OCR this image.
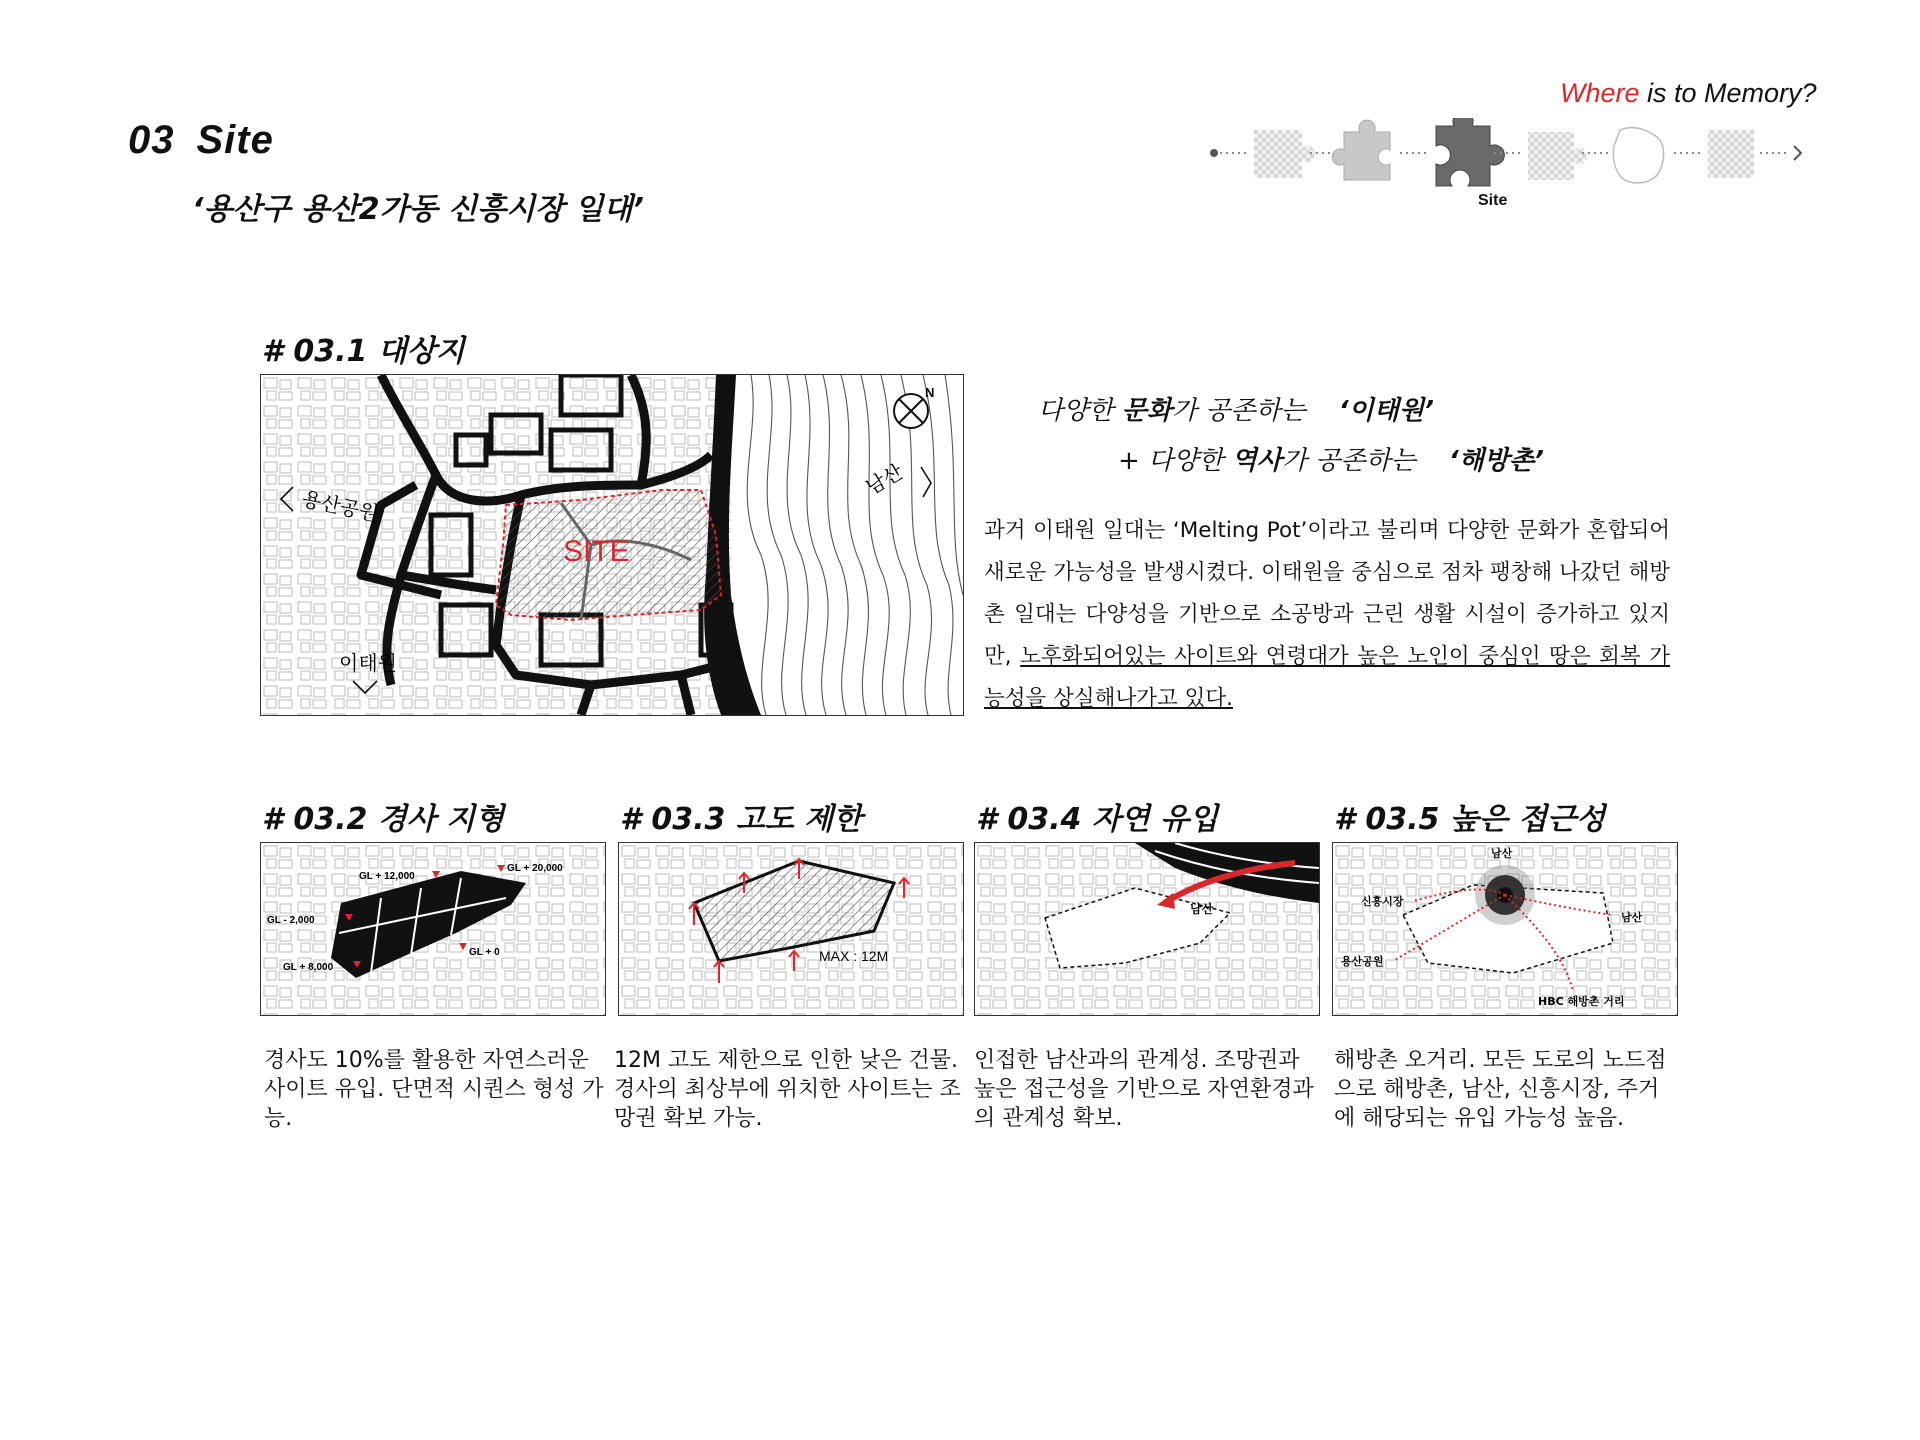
03 Site
‘용산구 용산2가동 신흥시장 일대’
Where is to Memory?
Site
# 03.1 대상지
SITE
용산공원
이태원
남산
N
다양한 문화가 공존하는    ‘이태원’
+ 다양한 역사가 공존하는    ‘해방촌’
과거 이태원 일대는 ‘Melting Pot’이라고 불리며 다양한 문화가 혼합되어 새로운 가능성을 발생시켰다. 이태원을 중심으로 점차 팽창해 나갔던 해방촌 일대는 다양성을 기반으로 소공방과 근린 생활 시설이 증가하고 있지만, 노후화되어있는 사이트와 연령대가 높은 노인이 중심인 땅은 회복 가능성을 상실해나가고 있다.
# 03.2 경사 지형
GL + 12,000
GL + 20,000
GL - 2,000
GL + 0
GL + 8,000
경사도 10%를 활용한 자연스러운 사이트 유입. 단면적 시퀀스 형성 가능.
# 03.3 고도 제한
MAX : 12M
12M 고도 제한으로 인한 낮은 건물. 경사의 최상부에 위치한 사이트는 조망권 확보 가능.
# 03.4 자연 유입
남산
인접한 남산과의 관계성. 조망권과 높은 접근성을 기반으로 자연환경과의 관계성 확보.
# 03.5 높은 접근성
남산
신흥시장
남산
용산공원
HBC 해방촌 거리
해방촌 오거리. 모든 도로의 노드점으로 해방촌, 남산, 신흥시장, 주거에 해당되는 유입 가능성 높음.
